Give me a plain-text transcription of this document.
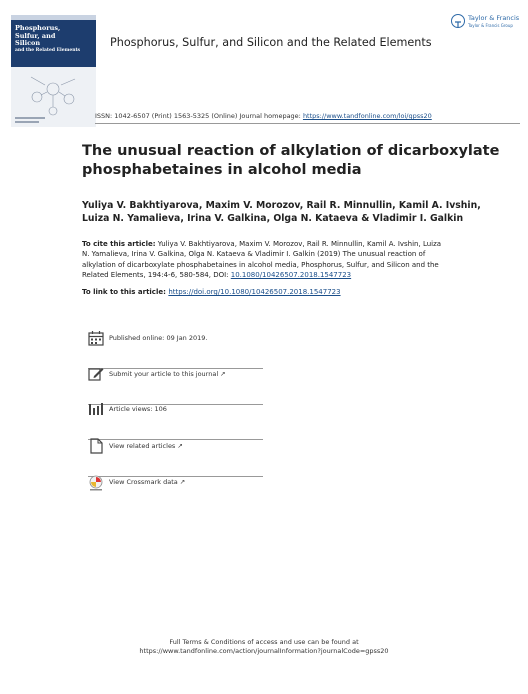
Phosphorus,
Sulfur, and
Silicon
and the Related Elements
Phosphorus, Sulfur, and Silicon and the Related Elements
Taylor & Francis
Taylor & Francis Group
ISSN: 1042-6507 (Print) 1563-5325 (Online) Journal homepage: https://www.tandfonline.com/loi/gpss20
The unusual reaction of alkylation of dicarboxylate phosphabetaines in alcohol media
Yuliya V. Bakhtiyarova, Maxim V. Morozov, Rail R. Minnullin, Kamil A. Ivshin, Luiza N. Yamalieva, Irina V. Galkina, Olga N. Kataeva & Vladimir I. Galkin
To cite this article: Yuliya V. Bakhtiyarova, Maxim V. Morozov, Rail R. Minnullin, Kamil A. Ivshin, Luiza N. Yamalieva, Irina V. Galkina, Olga N. Kataeva & Vladimir I. Galkin (2019) The unusual reaction of alkylation of dicarboxylate phosphabetaines in alcohol media, Phosphorus, Sulfur, and Silicon and the Related Elements, 194:4-6, 580-584, DOI: 10.1080/10426507.2018.1547723
To link to this article: https://doi.org/10.1080/10426507.2018.1547723
Published online: 09 Jan 2019.
Submit your article to this journal ↗
Article views: 106
View related articles ↗
View Crossmark data ↗
Full Terms & Conditions of access and use can be found at
https://www.tandfonline.com/action/journalInformation?journalCode=gpss20
